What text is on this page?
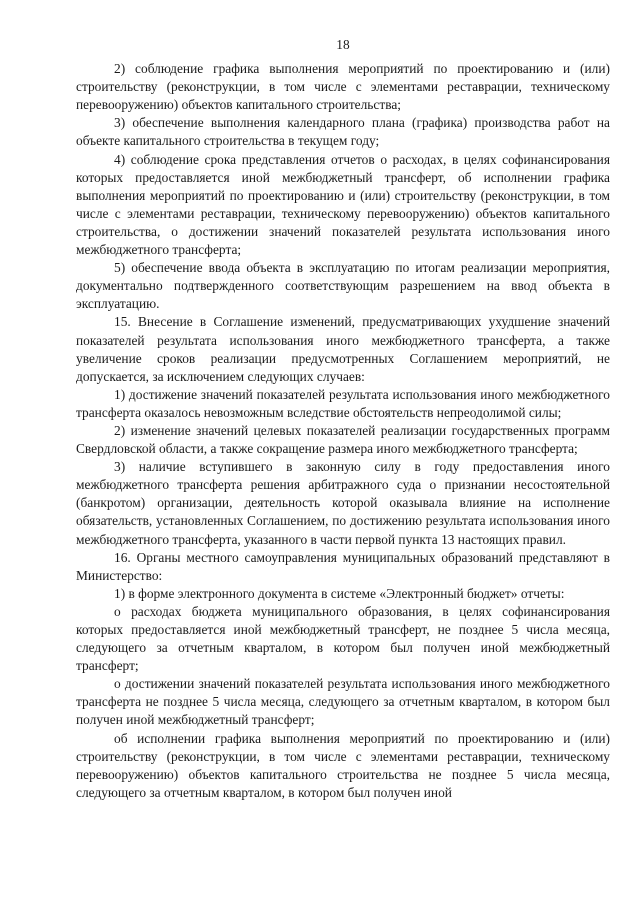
18

2) соблюдение графика выполнения мероприятий по проектированию и (или) строительству (реконструкции, в том числе с элементами реставрации, техническому перевооружению) объектов капитального строительства;

3) обеспечение выполнения календарного плана (графика) производства работ на объекте капитального строительства в текущем году;

4) соблюдение срока представления отчетов о расходах, в целях софинансирования которых предоставляется иной межбюджетный трансферт, об исполнении графика выполнения мероприятий по проектированию и (или) строительству (реконструкции, в том числе с элементами реставрации, техническому перевооружению) объектов капитального строительства, о достижении значений показателей результата использования иного межбюджетного трансферта;

5) обеспечение ввода объекта в эксплуатацию по итогам реализации мероприятия, документально подтвержденного соответствующим разрешением на ввод объекта в эксплуатацию.

15. Внесение в Соглашение изменений, предусматривающих ухудшение значений показателей результата использования иного межбюджетного трансферта, а также увеличение сроков реализации предусмотренных Соглашением мероприятий, не допускается, за исключением следующих случаев:

1) достижение значений показателей результата использования иного межбюджетного трансферта оказалось невозможным вследствие обстоятельств непреодолимой силы;

2) изменение значений целевых показателей реализации государственных программ Свердловской области, а также сокращение размера иного межбюджетного трансферта;

3) наличие вступившего в законную силу в году предоставления иного межбюджетного трансферта решения арбитражного суда о признании несостоятельной (банкротом) организации, деятельность которой оказывала влияние на исполнение обязательств, установленных Соглашением, по достижению результата использования иного межбюджетного трансферта, указанного в части первой пункта 13 настоящих правил.

16. Органы местного самоуправления муниципальных образований представляют в Министерство:

1) в форме электронного документа в системе «Электронный бюджет» отчеты:

о расходах бюджета муниципального образования, в целях софинансирования которых предоставляется иной межбюджетный трансферт, не позднее 5 числа месяца, следующего за отчетным кварталом, в котором был получен иной межбюджетный трансферт;

о достижении значений показателей результата использования иного межбюджетного трансферта не позднее 5 числа месяца, следующего за отчетным кварталом, в котором был получен иной межбюджетный трансферт;

об исполнении графика выполнения мероприятий по проектированию и (или) строительству (реконструкции, в том числе с элементами реставрации, техническому перевооружению) объектов капитального строительства не позднее 5 числа месяца, следующего за отчетным кварталом, в котором был получен иной
